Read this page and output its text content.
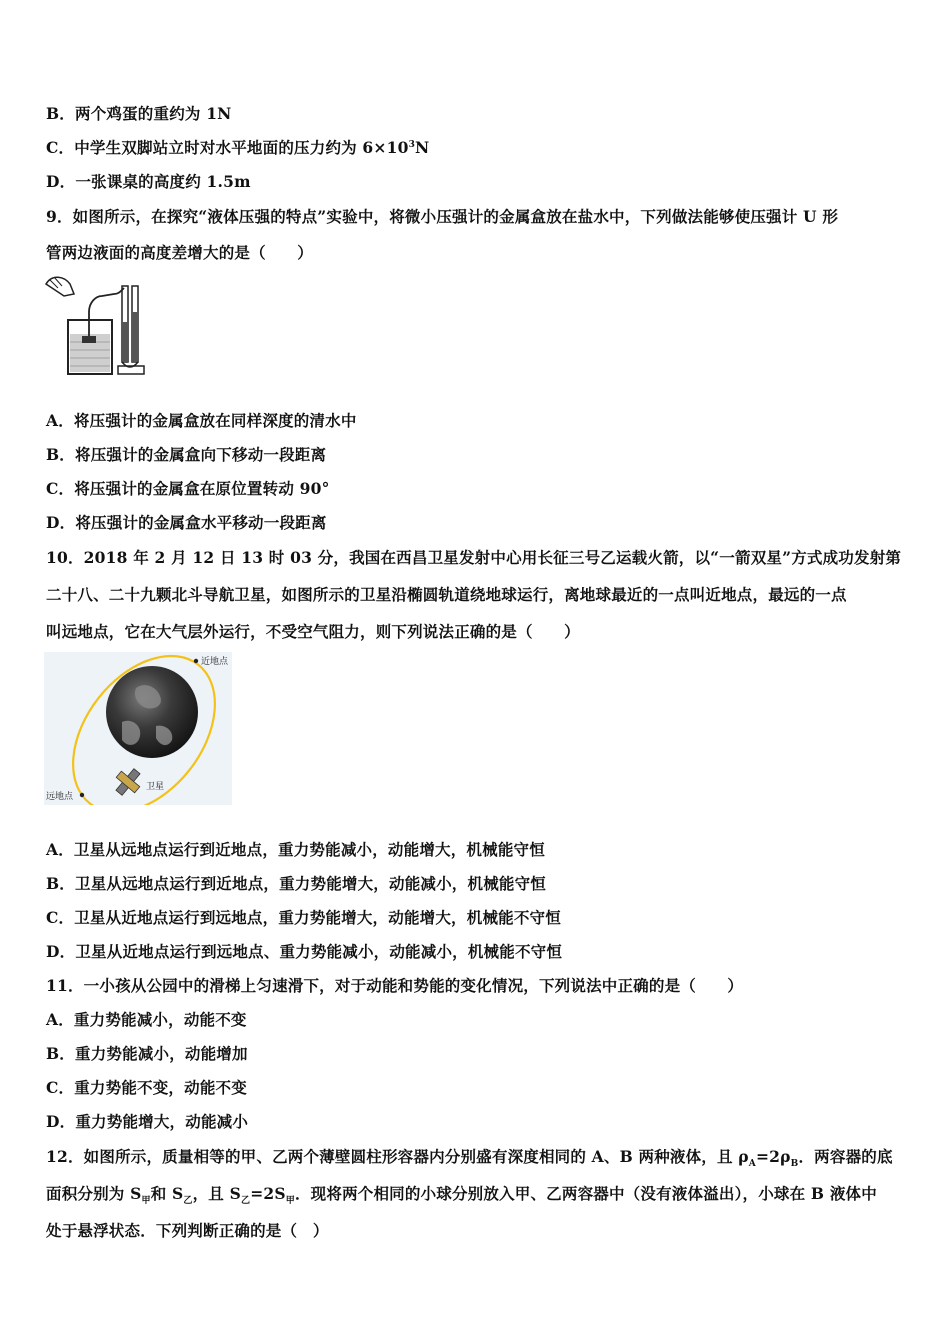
B．两个鸡蛋的重约为 1N
C．中学生双脚站立时对水平地面的压力约为 $6\times 10^3N$
D．一张课桌的高度约 1.5m
9．如图所示，在探究“液体压强的特点”实验中，将微小压强计的金属盒放在盐水中，下列做法能够使压强计 U 形
管两边液面的高度差增大的是（　　）
A．将压强计的金属盒放在同样深度的清水中
B．将压强计的金属盒向下移动一段距离
C．将压强计的金属盒在原位置转动 90°
D．将压强计的金属盒水平移动一段距离
10．2018 年 2 月 12 日 13 时 03 分，我国在西昌卫星发射中心用长征三号乙运载火箭，以“一箭双星”方式成功发射第
二十八、二十九颗北斗导航卫星，如图所示的卫星沿椭圆轨道绕地球运行，离地球最近的一点叫近地点，最远的一点
叫远地点，它在大气层外运行，不受空气阻力，则下列说法正确的是（　　）
近地点
远地点
卫星
A．卫星从远地点运行到近地点，重力势能减小，动能增大，机械能守恒
B．卫星从远地点运行到近地点，重力势能增大，动能减小，机械能守恒
C．卫星从近地点运行到远地点，重力势能增大，动能增大，机械能不守恒
D．卫星从近地点运行到远地点、重力势能减小，动能减小，机械能不守恒
11．一小孩从公园中的滑梯上匀速滑下，对于动能和势能的变化情况，下列说法中正确的是（　　）
A．重力势能减小，动能不变
B．重力势能减小，动能增加
C．重力势能不变，动能不变
D．重力势能增大，动能减小
12．如图所示，质量相等的甲、乙两个薄壁圆柱形容器内分别盛有深度相同的 A、B 两种液体，且 $\rho_A=2\rho_B$．两容器的底
面积分别为 $S_甲$和 $S_乙$，且 $S_乙=2S_甲$．现将两个相同的小球分别放入甲、乙两容器中（没有液体溢出），小球在 B 液体中
处于悬浮状态．下列判断正确的是（　）
